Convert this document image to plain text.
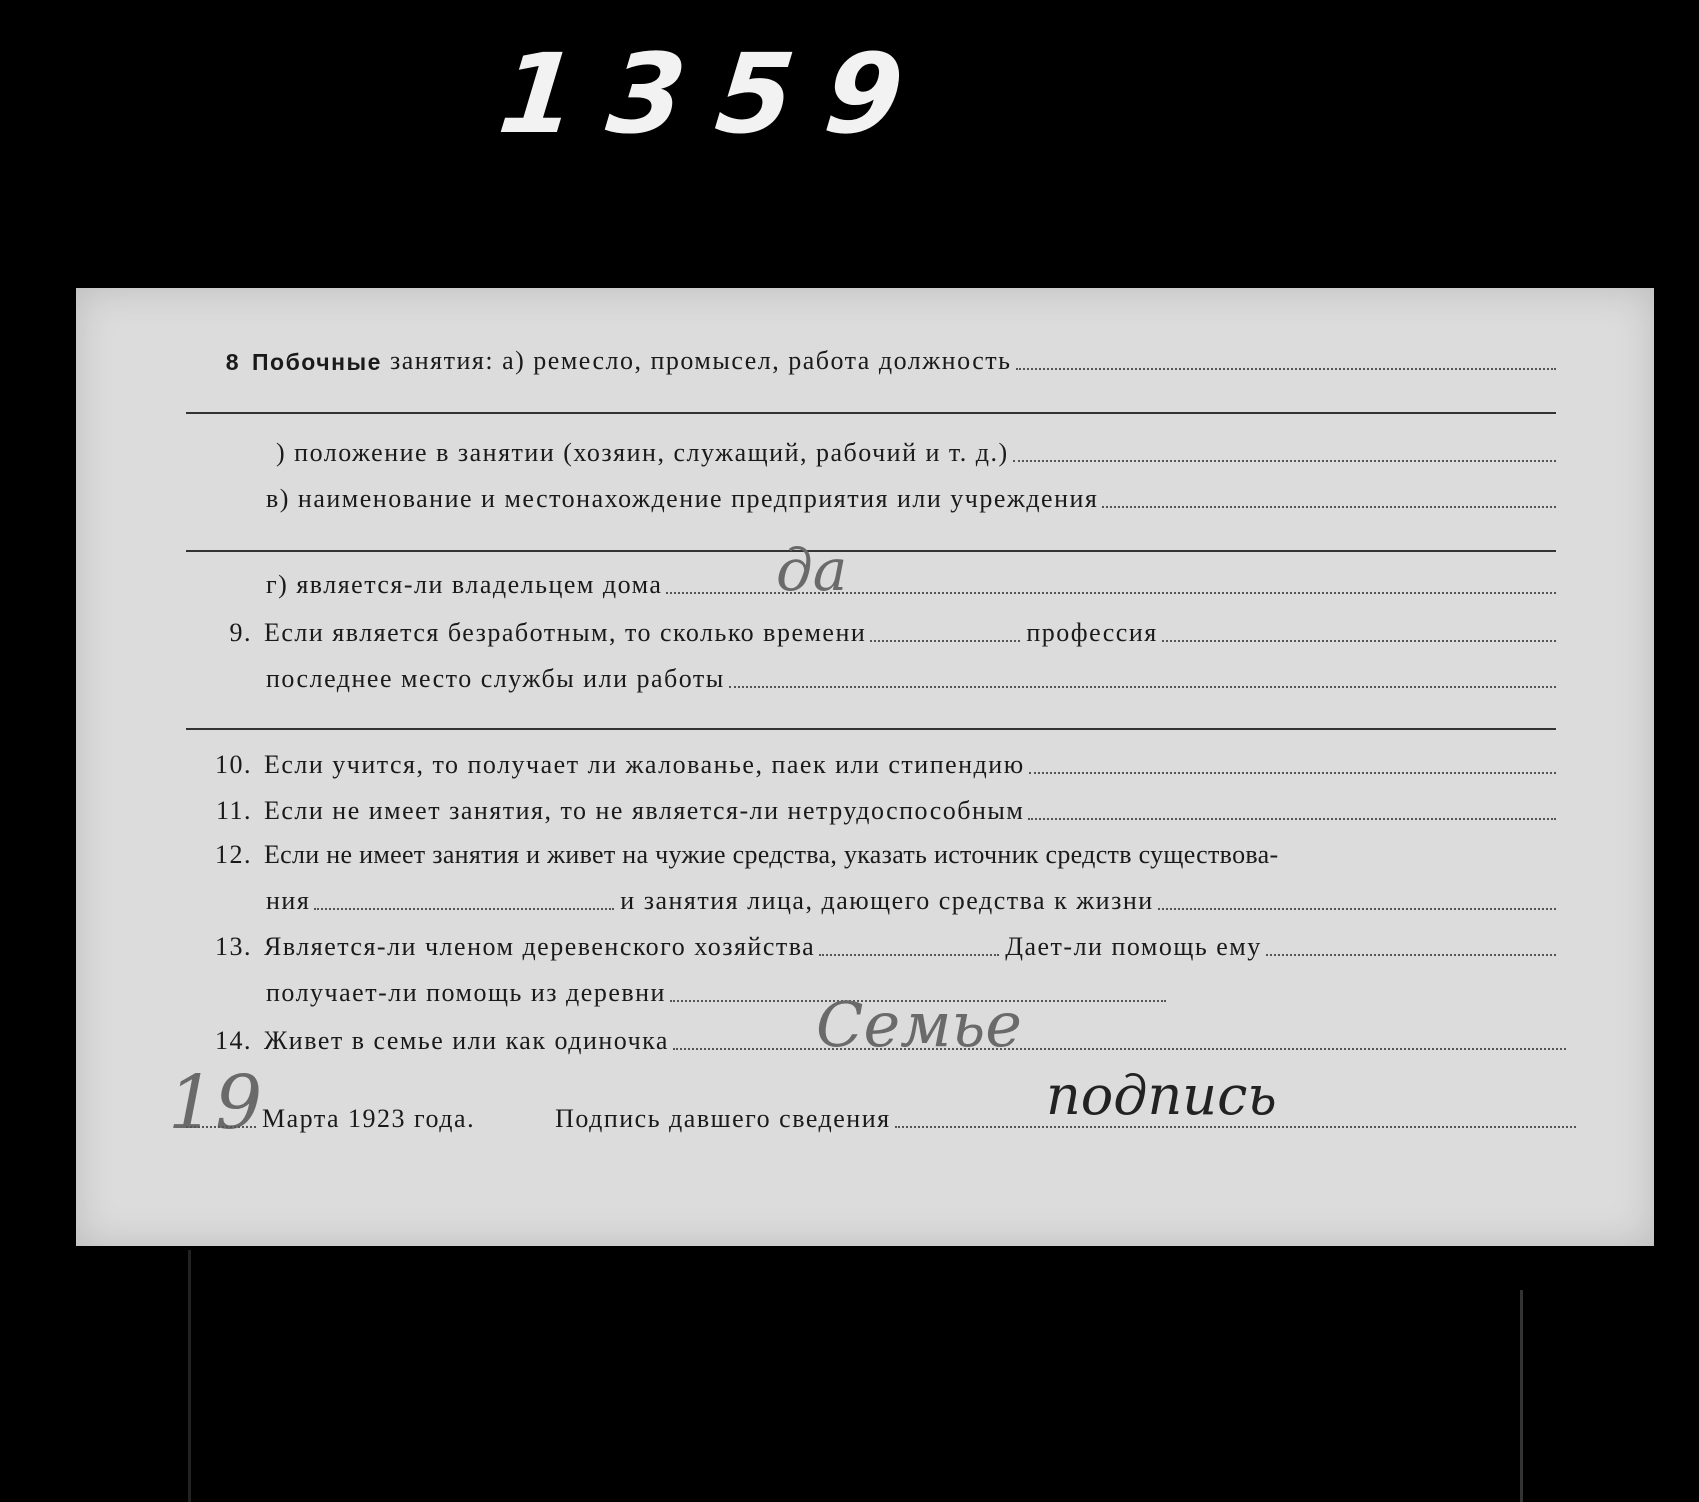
1359
8 Побочные занятия: а) ремесло, промысел, работа должность
) положение в занятии (хозяин, служащий, рабочий и т. д.)
в) наименование и местонахождение предприятия или учреждения
г) является-ли владельцем дома да
9. Если является безработным, то сколько времени	профессия
последнее место службы или работы
10. Если учится, то получает ли жалованье, паек или стипендию
11. Если не имеет занятия, то не является-ли нетрудоспособным
12. Если не имеет занятия и живет на чужие средства, указать источник средств существова-
ния	и занятия лица, дающего средства к жизни
13. Является-ли членом деревенского хозяйства	Дает-ли помощь ему
получает-ли помощь из деревни
14. Живет в семье или как одиночка Семье
19 Марта 1923 года.	Подпись давшего сведения	подпись
